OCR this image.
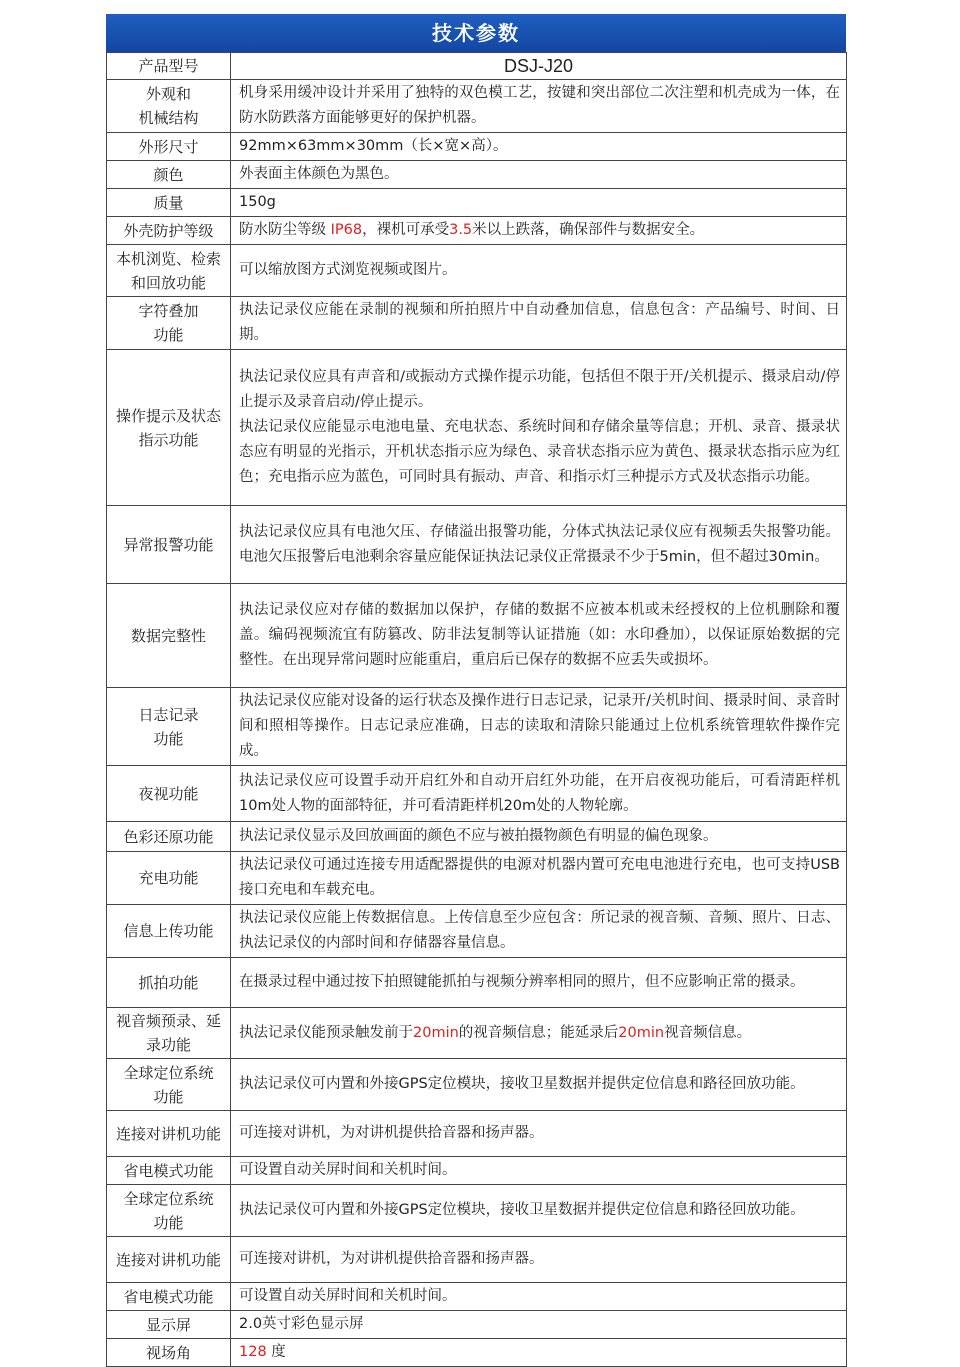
技术参数
产品型号	DSJ-J20
外观和
机械结构	机身采用缓冲设计并采用了独特的双色模工艺，按键和突出部位二次注塑和机壳成为一体，在防水防跌落方面能够更好的保护机器。
外形尺寸	92mm×63mm×30mm（长×宽×高）。
颜色	外表面主体颜色为黑色。
质量	150g
外壳防护等级	防水防尘等级 IP68，裸机可承受3.5米以上跌落，确保部件与数据安全。
本机浏览、检索和回放功能	可以缩放图方式浏览视频或图片。
字符叠加
功能	执法记录仪应能在录制的视频和所拍照片中自动叠加信息，信息包含：产品编号、时间、日期。
操作提示及状态指示功能	执法记录仪应具有声音和/或振动方式操作提示功能，包括但不限于开/关机提示、摄录启动/停止提示及录音启动/停止提示。
执法记录仪应能显示电池电量、充电状态、系统时间和存储余量等信息；开机、录音、摄录状态应有明显的光指示，开机状态指示应为绿色、录音状态指示应为黄色、摄录状态指示应为红色；充电指示应为蓝色，可同时具有振动、声音、和指示灯三种提示方式及状态指示功能。

异常报警功能	执法记录仪应具有电池欠压、存储溢出报警功能，分体式执法记录仪应有视频丢失报警功能。电池欠压报警后电池剩余容量应能保证执法记录仪正常摄录不少于5min，但不超过30min。
数据完整性	执法记录仪应对存储的数据加以保护，存储的数据不应被本机或未经授权的上位机删除和覆盖。编码视频流宜有防篡改、防非法复制等认证措施（如：水印叠加），以保证原始数据的完整性。在出现异常问题时应能重启，重启后已保存的数据不应丢失或损坏。
日志记录
功能	执法记录仪应能对设备的运行状态及操作进行日志记录，记录开/关机时间、摄录时间、录音时间和照相等操作。日志记录应准确，日志的读取和清除只能通过上位机系统管理软件操作完成。
夜视功能	执法记录仪应可设置手动开启红外和自动开启红外功能，在开启夜视功能后，可看清距样机10m处人物的面部特征，并可看清距样机20m处的人物轮廓。
色彩还原功能	执法记录仪显示及回放画面的颜色不应与被拍摄物颜色有明显的偏色现象。
充电功能	执法记录仪可通过连接专用适配器提供的电源对机器内置可充电电池进行充电，也可支持USB接口充电和车载充电。
信息上传功能	执法记录仪应能上传数据信息。上传信息至少应包含：所记录的视音频、音频、照片、日志、执法记录仪的内部时间和存储器容量信息。
抓拍功能	在摄录过程中通过按下拍照键能抓拍与视频分辨率相同的照片，但不应影响正常的摄录。
视音频预录、延录功能	执法记录仪能预录触发前于20min的视音频信息；能延录后20min视音频信息。
全球定位系统
功能	执法记录仪可内置和外接GPS定位模块，接收卫星数据并提供定位信息和路径回放功能。
连接对讲机功能	可连接对讲机，为对讲机提供拾音器和扬声器。
省电模式功能	可设置自动关屏时间和关机时间。
全球定位系统
功能	执法记录仪可内置和外接GPS定位模块，接收卫星数据并提供定位信息和路径回放功能。
连接对讲机功能	可连接对讲机，为对讲机提供拾音器和扬声器。
省电模式功能	可设置自动关屏时间和关机时间。
显示屏	2.0英寸彩色显示屏
视场角	128 度
